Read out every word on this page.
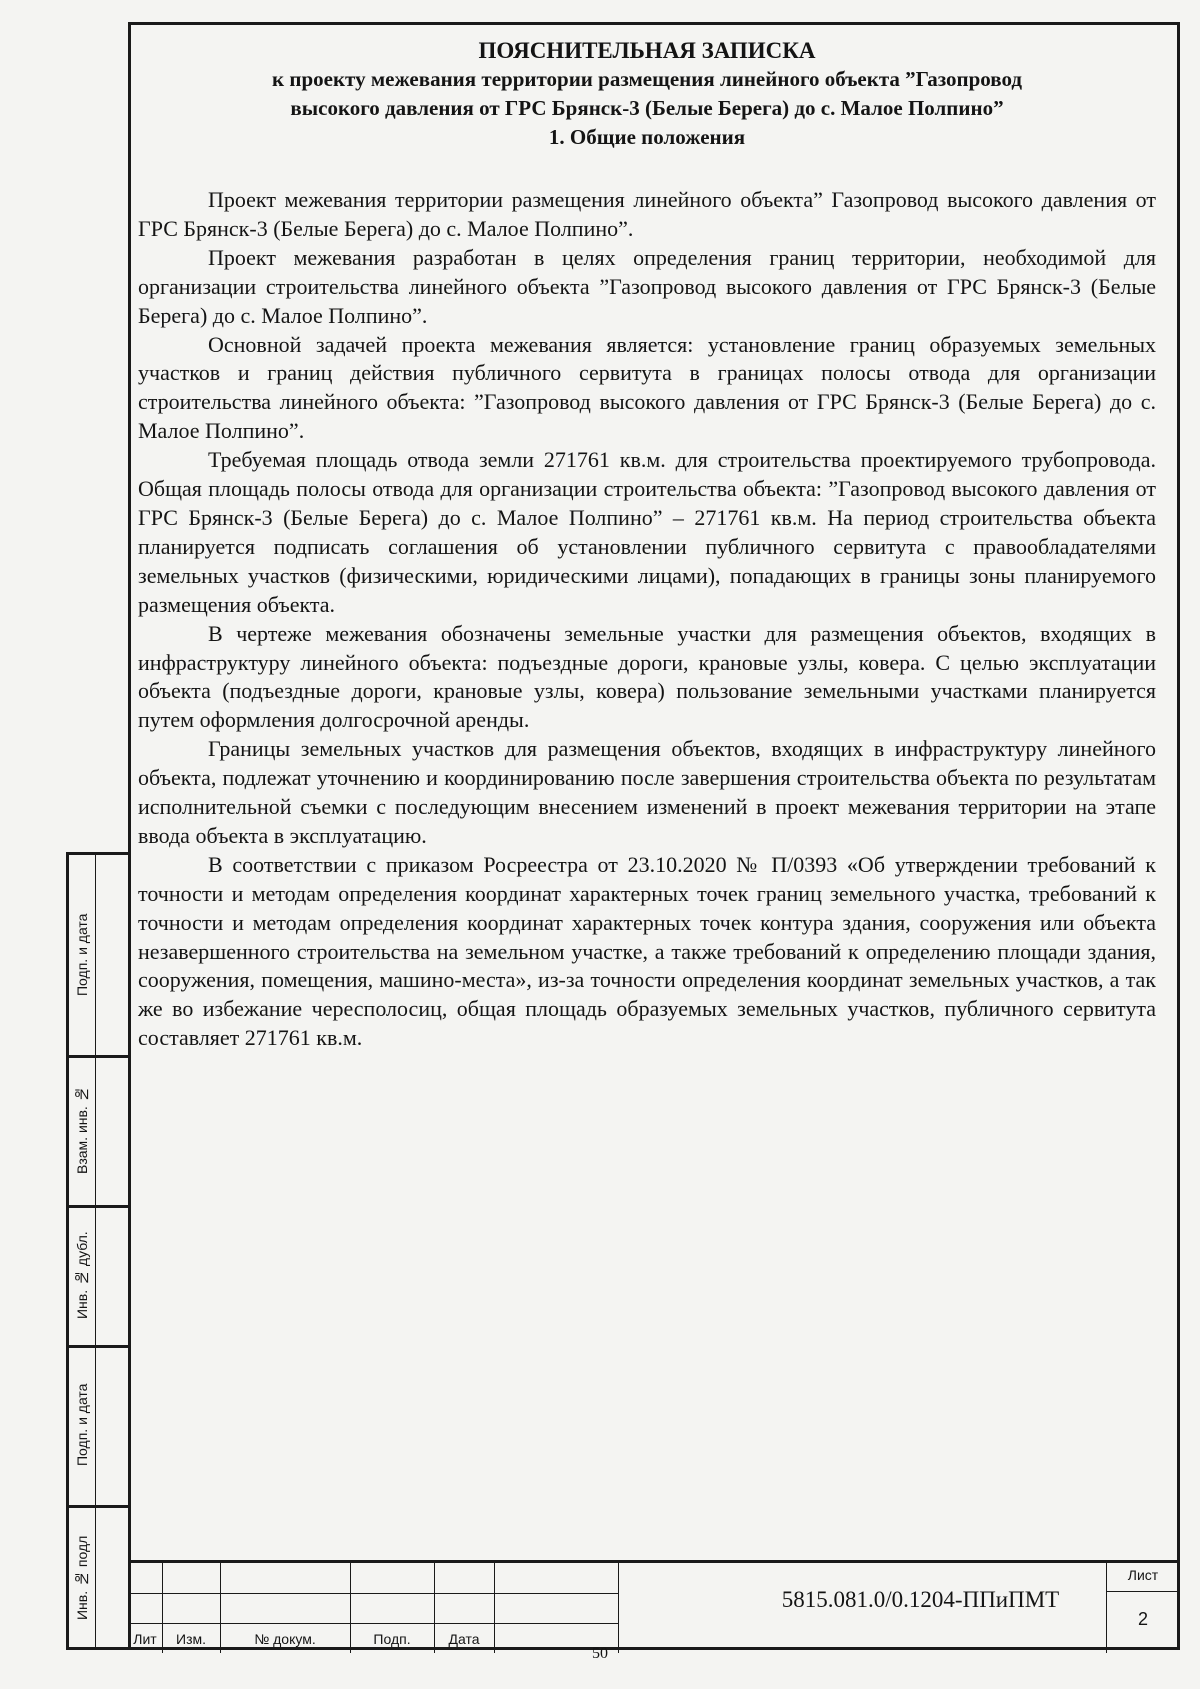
ПОЯСНИТЕЛЬНАЯ ЗАПИСКА

к проекту межевания территории размещения линейного объекта ”Газопровод

высокого давления от ГРС Брянск-3 (Белые Берега) до с. Малое Полпино”

1. Общие положения

Проект межевания территории размещения линейного объекта” Газопровод высокого давления от ГРС Брянск-3 (Белые Берега) до с. Малое Полпино”.

Проект межевания разработан в целях определения границ территории, необходимой для организации строительства линейного объекта ”Газопровод высокого давления от ГРС Брянск-3 (Белые Берега) до с. Малое Полпино”.

Основной задачей проекта межевания является: установление границ образуемых земельных участков и границ действия публичного сервитута в границах полосы отвода для организации строительства линейного объекта: ”Газопровод высокого давления от ГРС Брянск-3 (Белые Берега) до с. Малое Полпино”.

Требуемая площадь отвода земли 271761 кв.м. для строительства проектируемого трубопровода. Общая площадь полосы отвода для организации строительства объекта: ”Газопровод высокого давления от ГРС Брянск-3 (Белые Берега) до с. Малое Полпино” – 271761 кв.м. На период строительства объекта планируется подписать соглашения об установлении публичного сервитута с правообладателями земельных участков (физическими, юридическими лицами), попадающих в границы зоны планируемого размещения объекта.

В чертеже межевания обозначены земельные участки для размещения объектов, входящих в инфраструктуру линейного объекта: подъездные дороги, крановые узлы, ковера. С целью эксплуатации объекта (подъездные дороги, крановые узлы, ковера) пользование земельными участками планируется путем оформления долгосрочной аренды.

Границы земельных участков для размещения объектов, входящих в инфраструктуру линейного объекта, подлежат уточнению и координированию после завершения строительства объекта по результатам исполнительной съемки с последующим внесением изменений в проект межевания территории на этапе ввода объекта в эксплуатацию.

В соответствии с приказом Росреестра от 23.10.2020 № П/0393 «Об утверждении требований к точности и методам определения координат характерных точек границ земельного участка, требований к точности и методам определения координат характерных точек контура здания, сооружения или объекта незавершенного строительства на земельном участке, а также требований к определению площади здания, сооружения, помещения, машино-места», из-за точности определения координат земельных участков, а так же во избежание чересполосиц, общая площадь образуемых земельных участков, публичного сервитута составляет 271761 кв.м.

Подп. и дата
Взам. инв. №
Инв. № дубл.
Подп. и дата
Инв. № подл
Лит	Изм.	№ докум.	Подп.	Дата
5815.081.0/0.1204-ППиПМТ
Лист
2
50
